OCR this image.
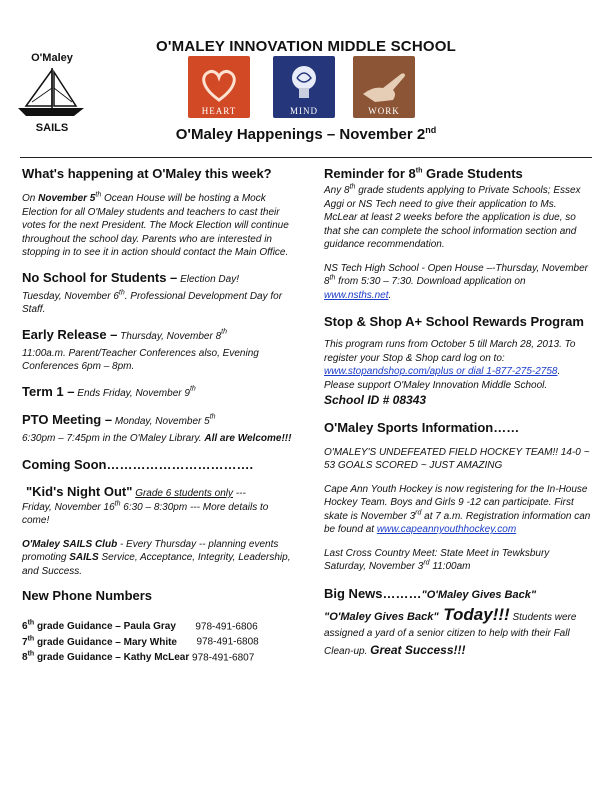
O'Maley
SAILS
O'MALEY INNOVATION MIDDLE SCHOOL
HEART	MIND	WORK
O'Maley Happenings – November 2nd
What's happening at O'Maley this week?
On November 5th Ocean House will be hosting a Mock Election for all O'Maley students and teachers to cast their votes for the next President. The Mock Election will continue throughout the school day. Parents who are interested in stopping in to see it in action should contact the Main Office.
No School for Students – Election Day!
Tuesday, November 6th. Professional Development Day for Staff.
Early Release – Thursday, November 8th
11:00a.m. Parent/Teacher Conferences also, Evening Conferences 6pm – 8pm.
Term 1 – Ends Friday, November 9th
PTO Meeting – Monday, November 5th
6:30pm – 7:45pm in the O'Maley Library. All are Welcome!!!
Coming Soon…………………………….
"Kid's Night Out" Grade 6 students only ---
Friday, November 16th 6:30 – 8:30pm --- More details to come!
O'Maley SAILS Club - Every Thursday -- planning events promoting SAILS Service, Acceptance, Integrity, Leadership, and Success.
New Phone Numbers
6th grade Guidance – Paula Gray 978-491-6806
7th grade Guidance – Mary White 978-491-6808
8th grade Guidance – Kathy McLear 978-491-6807
Reminder for 8th Grade Students
Any 8th grade students applying to Private Schools; Essex Aggi or NS Tech need to give their application to Ms. McLear at least 2 weeks before the application is due, so that she can complete the school information section and guidance recommendation.
NS Tech High School - Open House –-Thursday, November 8th from 5:30 – 7:30. Download application on www.nsths.net.
Stop & Shop A+ School Rewards Program
This program runs from October 5 till March 28, 2013. To register your Stop & Shop card log on to: www.stopandshop.com/aplus or dial 1-877-275-2758. Please support O'Maley Innovation Middle School.
School ID # 08343
O'Maley Sports Information……
O'MALEY'S UNDEFEATED FIELD HOCKEY TEAM!! 14-0 ~ 53 GOALS SCORED ~ JUST AMAZING
Cape Ann Youth Hockey is now registering for the In-House Hockey Team. Boys and Girls 9 -12 can participate. First skate is November 3rd at 7 a.m. Registration information can be found at www.capeannyouthhockey.com
Last Cross Country Meet: State Meet in Tewksbury Saturday, November 3rd 11:00am
Big News………"O'Maley Gives Back"
"O'Maley Gives Back" Today!!! Students were assigned a yard of a senior citizen to help with their Fall Clean-up. Great Success!!!
